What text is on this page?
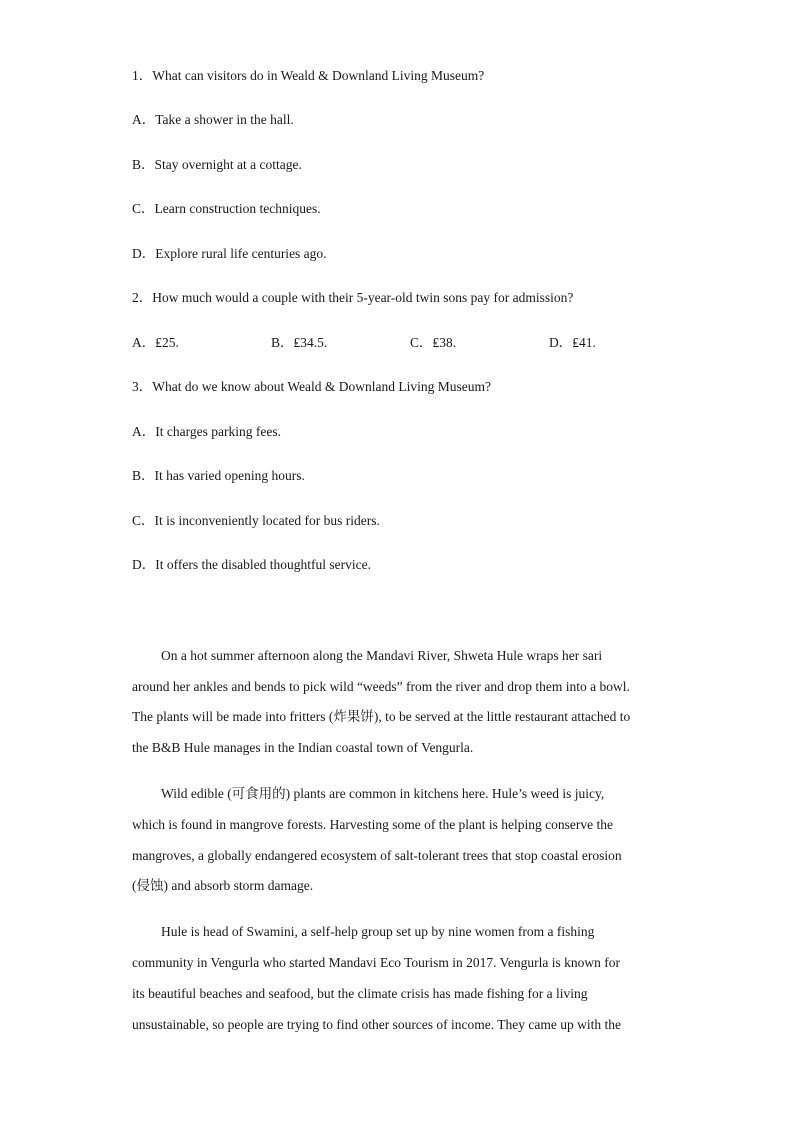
1．What can visitors do in Weald & Downland Living Museum?
A．Take a shower in the hall.
B．Stay overnight at a cottage.
C．Learn construction techniques.
D．Explore rural life centuries ago.
2．How much would a couple with their 5-year-old twin sons pay for admission?
A．₤25.	B．₤34.5.	C．₤38.	D．₤41.
3．What do we know about Weald & Downland Living Museum?
A．It charges parking fees.
B．It has varied opening hours.
C．It is inconveniently located for bus riders.
D．It offers the disabled thoughtful service.
On a hot summer afternoon along the Mandavi River, Shweta Hule wraps her sari
around her ankles and bends to pick wild “weeds” from the river and drop them into a bowl.
The plants will be made into fritters (炸果饼), to be served at the little restaurant attached to
the B&B Hule manages in the Indian coastal town of Vengurla.
Wild edible (可食用的) plants are common in kitchens here. Hule’s weed is juicy,
which is found in mangrove forests. Harvesting some of the plant is helping conserve the
mangroves, a globally endangered ecosystem of salt-tolerant trees that stop coastal erosion
(侵蚀) and absorb storm damage.
Hule is head of Swamini, a self-help group set up by nine women from a fishing
community in Vengurla who started Mandavi Eco Tourism in 2017. Vengurla is known for
its beautiful beaches and seafood, but the climate crisis has made fishing for a living
unsustainable, so people are trying to find other sources of income. They came up with the
